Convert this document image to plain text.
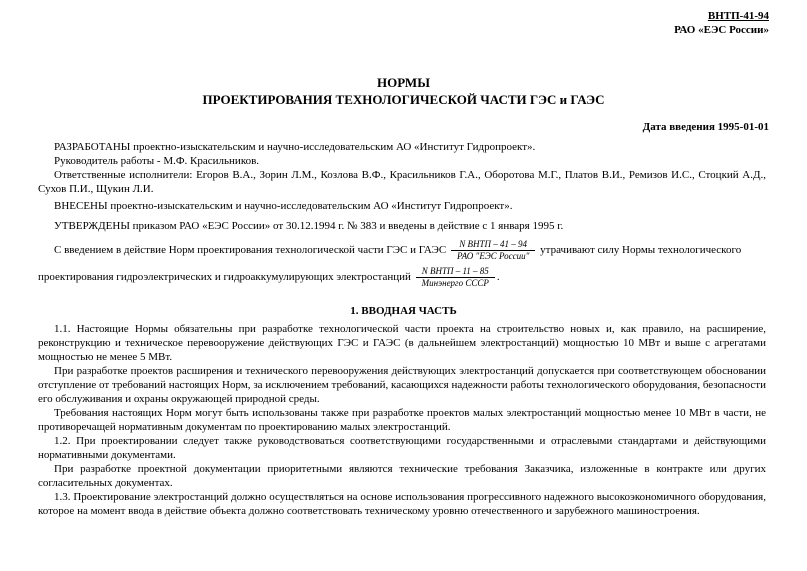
ВНТП-41-94
РАО «ЕЭС России»
НОРМЫ
ПРОЕКТИРОВАНИЯ ТЕХНОЛОГИЧЕСКОЙ ЧАСТИ ГЭС и ГАЭС
Дата введения 1995-01-01
РАЗРАБОТАНЫ проектно-изыскательским и научно-исследовательским АО «Институт Гидропроект».
Руководитель работы - М.Ф. Красильников.
Ответственные исполнители: Егоров В.А., Зорин Л.М., Козлова В.Ф., Красильников Г.А., Оборотова М.Г., Платов В.И., Ремизов И.С., Стоцкий А.Д., Сухов П.И., Щукин Л.И.
ВНЕСЕНЫ проектно-изыскательским и научно-исследовательским АО «Институт Гидропроект».
УТВЕРЖДЕНЫ приказом РАО «ЕЭС России» от 30.12.1994 г. № 383 и введены в действие с 1 января 1995 г.
С введением в действие Норм проектирования технологической части ГЭС и ГАЭС $\frac{\text{N ВНТП – 41 – 94}}{\text{РАО "ЕЭС России"}}$ утрачивают силу Нормы технологического
проектирования гидроэлектрических и гидроаккумулирующих электростанций $\frac{\text{N ВНТП – 11 – 85}}{\text{Минэнерго СССР}}$ .
1. ВВОДНАЯ ЧАСТЬ
1.1. Настоящие Нормы обязательны при разработке технологической части проекта на строительство новых и, как правило, на расширение, реконструкцию и техническое перевооружение действующих ГЭС и ГАЭС (в дальнейшем электростанций) мощностью 10 МВт и выше с агрегатами мощностью не менее 5 МВт.
При разработке проектов расширения и технического перевооружения действующих электростанций допускается при соответствующем обосновании отступление от требований настоящих Норм, за исключением требований, касающихся надежности работы технологического оборудования, безопасности его обслуживания и охраны окружающей природной среды.
Требования настоящих Норм могут быть использованы также при разработке проектов малых электростанций мощностью менее 10 МВт в части, не противоречащей нормативным документам по проектированию малых электростанций.
1.2. При проектировании следует также руководствоваться соответствующими государственными и отраслевыми стандартами и действующими нормативными документами.
При разработке проектной документации приоритетными являются технические требования Заказчика, изложенные в контракте или других согласительных документах.
1.3. Проектирование электростанций должно осуществляться на основе использования прогрессивного надежного высокоэкономичного оборудования, которое на момент ввода в действие объекта должно соответствовать техническому уровню отечественного и зарубежного машиностроения.
